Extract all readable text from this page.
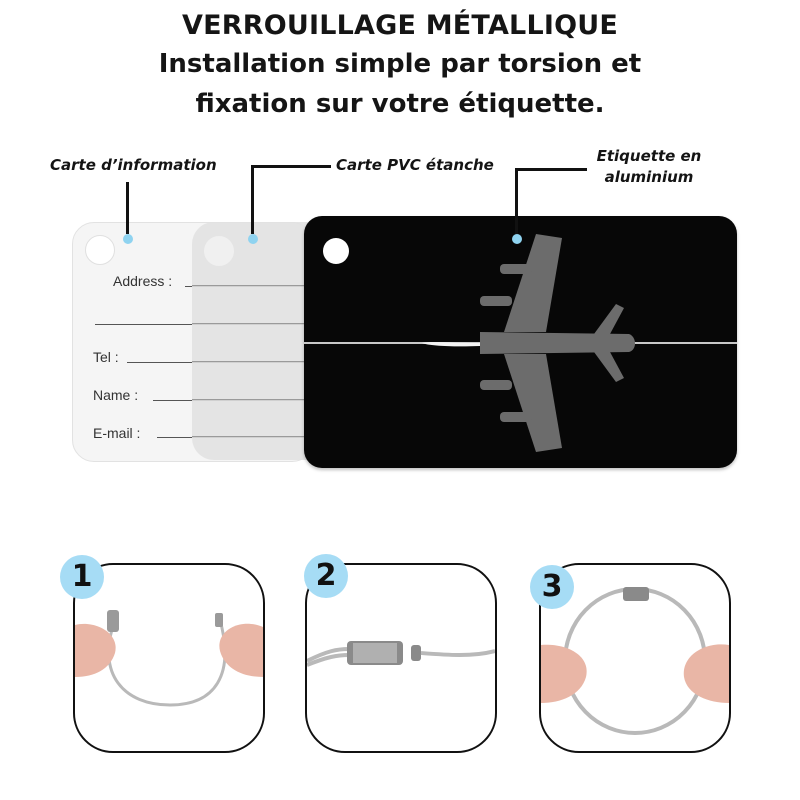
VERROUILLAGE MÉTALLIQUE
Installation simple par torsion et
fixation sur votre étiquette.
Carte d’information	Carte PVC étanche	Etiquette en
aluminium
Address :
Tel :
Name :
E-mail :
1	2	3
